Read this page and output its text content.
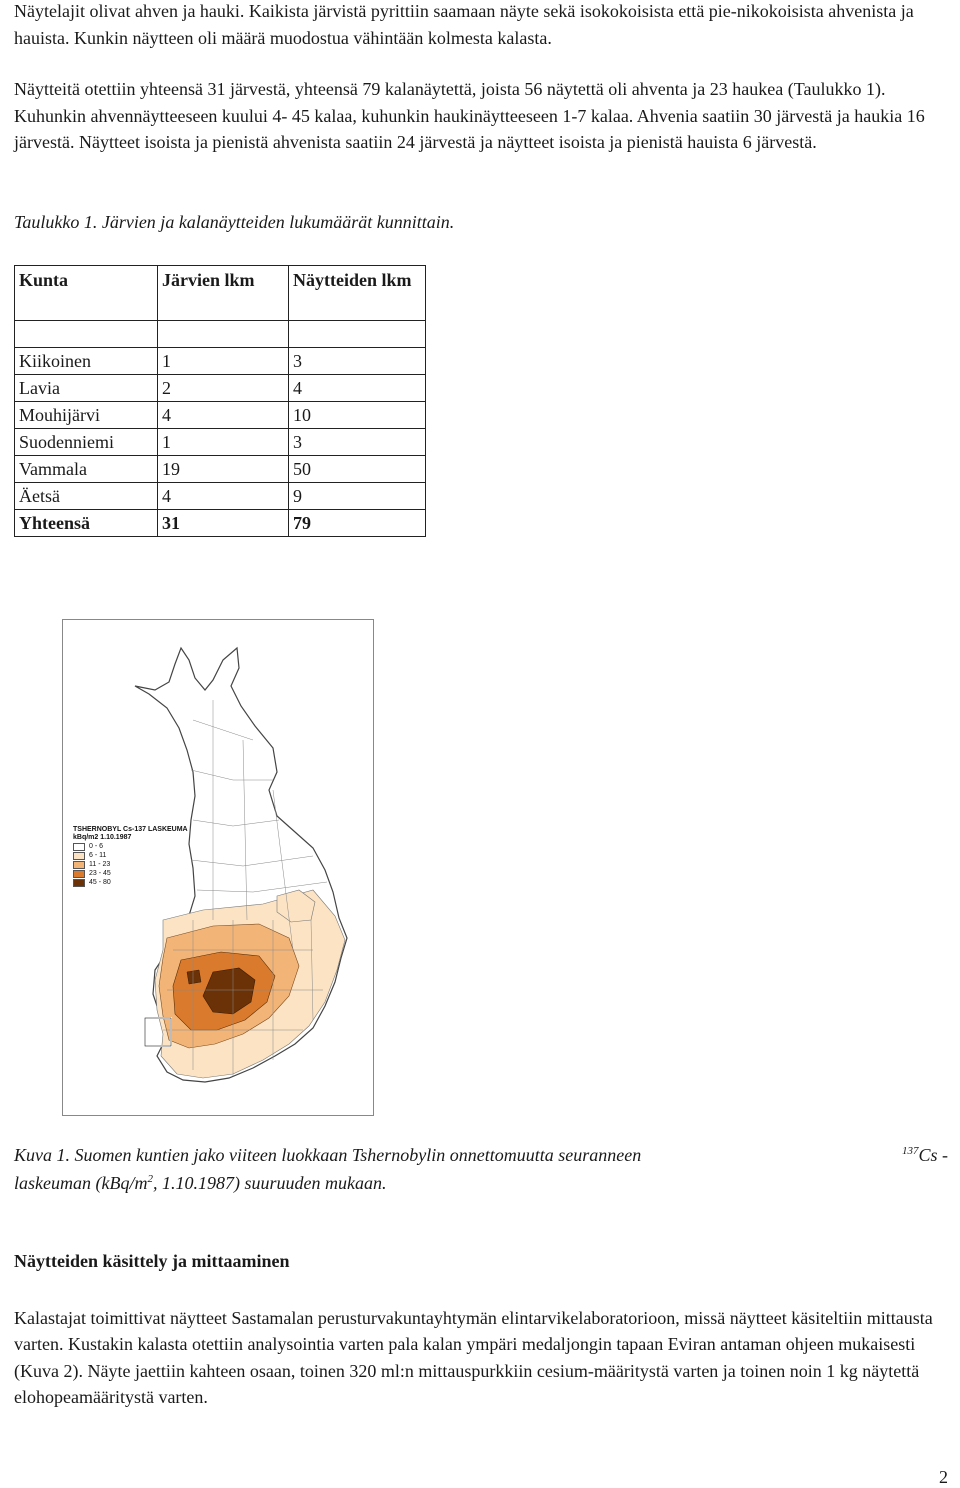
Näytelajit olivat ahven ja hauki. Kaikista järvistä pyrittiin saamaan näyte sekä isokokoisista että pie-nikokoisista ahvenista ja hauista. Kunkin näytteen oli määrä muodostua vähintään kolmesta kalasta.

Näytteitä otettiin yhteensä 31 järvestä, yhteensä 79 kalanäytettä, joista 56 näytettä oli ahventa ja 23 haukea (Taulukko 1). Kuhunkin ahvennäytteeseen kuului 4- 45 kalaa, kuhunkin haukinäytteeseen 1-7 kalaa. Ahvenia saatiin 30 järvestä ja haukia 16 järvestä. Näytteet isoista ja pienistä ahvenista saatiin 24 järvestä ja näytteet isoista ja pienistä hauista 6 järvestä.

Taulukko 1. Järvien ja kalanäytteiden lukumäärät kunnittain.
Kunta	Järvien lkm	Näytteiden lkm

Kiikoinen	1	3
Lavia	2	4
Mouhijärvi	4	10
Suodenniemi	1	3
Vammala	19	50
Äetsä	4	9
Yhteensä	31	79
TSHERNOBYL Cs-137 LASKEUMA
kBq/m2 1.10.1987
0 - 6
6 - 11
11 - 23
23 - 45
45 - 80
Kuva 1. Suomen kuntien jako viiteen luokkaan Tshernobylin onnettomuutta seuranneen	$^{137}$Cs -
laskeuman ($kBq/m^2$, 1.10.1987) suuruuden mukaan.
Näytteiden käsittely ja mittaaminen

Kalastajat toimittivat näytteet Sastamalan perusturvakuntayhtymän elintarvikelaboratorioon, missä näytteet käsiteltiin mittausta varten. Kustakin kalasta otettiin analysointia varten pala kalan ympäri medaljongin tapaan Eviran antaman ohjeen mukaisesti (Kuva 2). Näyte jaettiin kahteen osaan, toinen 320 ml:n mittauspurkkiin cesium-määritystä varten ja toinen noin 1 kg näytettä elohopeamääritystä varten.

2
